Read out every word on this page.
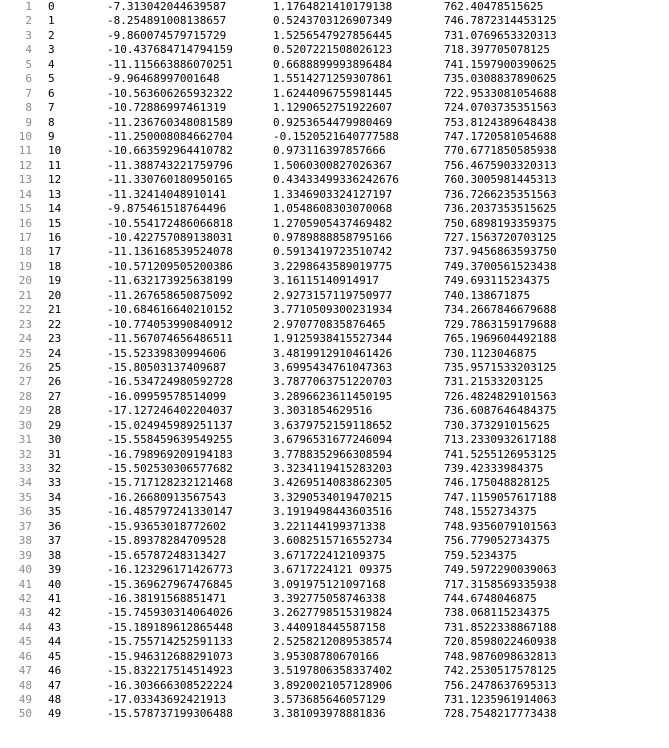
1 0	-7.313042044639587	1.1764821410179138	762.40478515625
2 1	-8.254891008138657	0.5243703126907349	746.7872314453125
3 2	-9.860074579715729	1.5256547927856445	731.0769653320313
4 3	-10.437684714794159	0.5207221508026123	718.397705078125
5 4	-11.115663886070251	0.6688899993896484	741.1597900390625
6 5	-9.96468997001648	1.5514271259307861	735.0308837890625
7 6	-10.563606265932322	1.6244096755981445	722.9533081054688
8 7	-10.72886997461319	1.1290652751922607	724.0703735351563
9 8	-11.236760348081589	0.9253654479980469	753.8124389648438
10 9	-11.250008084662704	-0.1520521640777588	747.1720581054688
11 10	-10.663592964410782	0.973116397857666	770.6771850585938
12 11	-11.388743221759796	1.5060300827026367	756.4675903320313
13 12	-11.330760180950165	0.43433499336242676	760.3005981445313
14 13	-11.32414048910141	1.3346903324127197	736.7266235351563
15 14	-9.875461518764496	1.0548608303070068	736.2037353515625
16 15	-10.554172486066818	1.2705905437469482	750.6898193359375
17 16	-10.422757089138031	0.9789888858795166	727.1563720703125
18 17	-11.136168539524078	0.5913419723510742	737.9456863593750
19 18	-10.571209505200386	3.2298643589019775	749.3700561523438
20 19	-11.632173925638199	3.16115140914917	749.693115234375
21 20	-11.267658650875092	2.9273157119750977	740.138671875
22 21	-10.684616640210152	3.7710509300231934	734.2667846679688
23 22	-10.774053990840912	2.970770835876465	729.7863159179688
24 23	-11.567074656486511	1.9125938415527344	765.1969604492188
25 24	-15.52339830994606	3.4819912910461426	730.1123046875
26 25	-15.80503137409687	3.6995434761047363	735.9571533203125
27 26	-16.534724980592728	3.7877063751220703	731.21533203125
28 27	-16.09959578514099	3.2896623611450195	726.4824829101563
29 28	-17.127246402204037	3.3031854629516	736.6087646484375
30 29	-15.024945989251137	3.6379752159118652	730.373291015625
31 30	-15.558459639549255	3.6796531677246094	713.2330932617188
32 31	-16.798969209194183	3.7788352966308594	741.5255126953125
33 32	-15.502530306577682	3.3234119415283203	739.42333984375
34 33	-15.717128232121468	3.4269514083862305	746.175048828125
35 34	-16.26680913567543	3.3290534019470215	747.1159057617188
36 35	-16.485797241330147	3.1919498443603516	748.1552734375
37 36	-15.93653018772602	3.221144199371338	748.9356079101563
38 37	-15.89378284709528	3.6082515716552734	756.779052734375
39 38	-15.65787248313427	3.671722412109375	759.5234375
40 39	-16.123296171426773	3.6717224121 09375	749.5972290039063
41 40	-15.369627967476845	3.091975121097168	717.3158569335938
42 41	-16.38191568851471	3.392775058746338	744.6748046875
43 42	-15.745930314064026	3.2627798515319824	738.068115234375
44 43	-15.189189612865448	3.440918445587158	731.8522338867188
45 44	-15.755714252591133	2.5258212089538574	720.8598022460938
46 45	-15.946312688291073	3.95308780670166	748.9876098632813
47 46	-15.832217514514923	3.5197806358337402	742.2530517578125
48 47	-16.303666308522224	3.8920021057128906	756.2478637695313
49 48	-17.03343692421913	3.573685646057129	731.1235961914063
50 49	-15.578737199306488	3.381093978881836	728.7548217773438
